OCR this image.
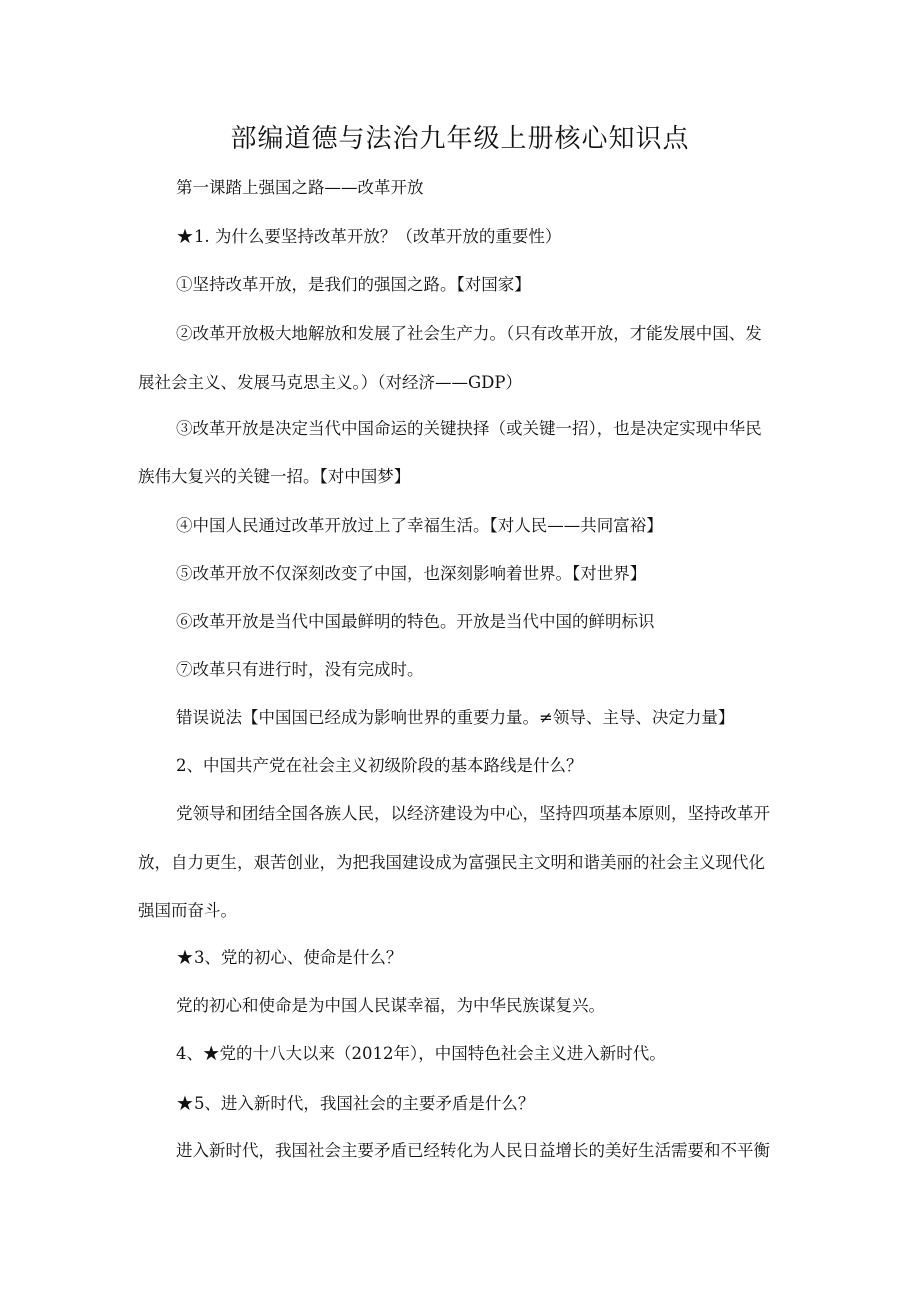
部编道德与法治九年级上册核心知识点

第一课踏上强国之路——改革开放

★1. 为什么要坚持改革开放？（改革开放的重要性）

①坚持改革开放，是我们的强国之路。【对国家】

②改革开放极大地解放和发展了社会生产力。（只有改革开放，才能发展中国、发

展社会主义、发展马克思主义。）（对经济——GDP）

③改革开放是决定当代中国命运的关键抉择（或关键一招），也是决定实现中华民

族伟大复兴的关键一招。【对中国梦】

④中国人民通过改革开放过上了幸福生活。【对人民——共同富裕】

⑤改革开放不仅深刻改变了中国，也深刻影响着世界。【对世界】

⑥改革开放是当代中国最鲜明的特色。开放是当代中国的鲜明标识

⑦改革只有进行时，没有完成时。

错误说法【中国国已经成为影响世界的重要力量。≠领导、主导、决定力量】

2、中国共产党在社会主义初级阶段的基本路线是什么？

党领导和团结全国各族人民，以经济建设为中心，坚持四项基本原则，坚持改革开

放，自力更生，艰苦创业，为把我国建设成为富强民主文明和谐美丽的社会主义现代化

强国而奋斗。

★3、党的初心、使命是什么？

党的初心和使命是为中国人民谋幸福，为中华民族谋复兴。

4、★党的十八大以来（2012年），中国特色社会主义进入新时代。

★5、进入新时代，我国社会的主要矛盾是什么？

进入新时代，我国社会主要矛盾已经转化为人民日益增长的美好生活需要和不平衡
